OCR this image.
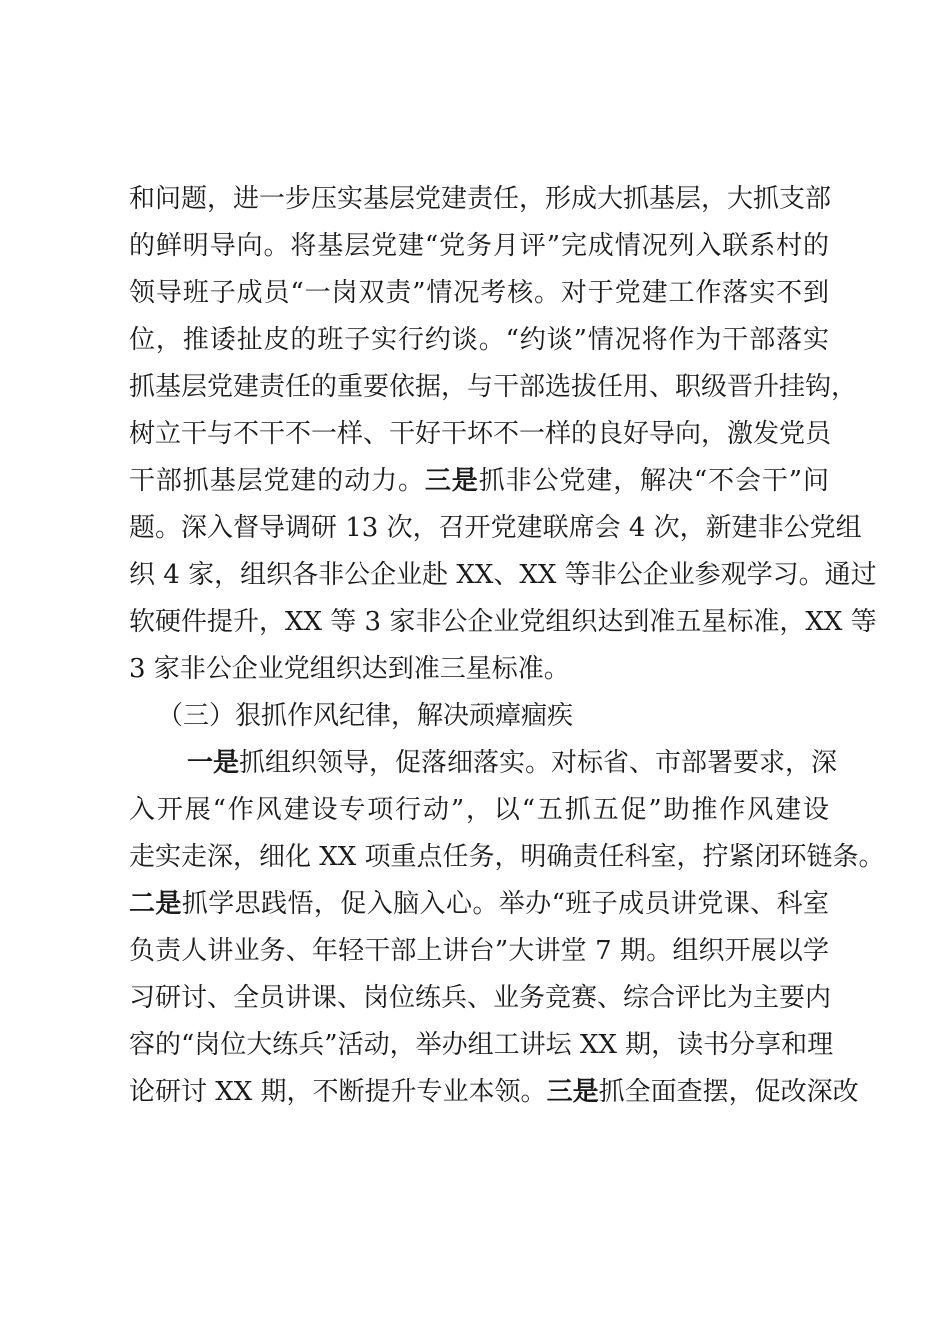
和问题，进一步压实基层党建责任，形成大抓基层，大抓支部
的鲜明导向。将基层党建“党务月评”完成情况列入联系村的
领导班子成员“一岗双责”情况考核。对于党建工作落实不到
位，推诿扯皮的班子实行约谈。“约谈”情况将作为干部落实
抓基层党建责任的重要依据，与干部选拔任用、职级晋升挂钩，
树立干与不干不一样、干好干坏不一样的良好导向，激发党员
干部抓基层党建的动力。三是抓非公党建，解决“不会干”问
题。深入督导调研 13 次，召开党建联席会 4 次，新建非公党组
织 4 家，组织各非公企业赴 XX、XX 等非公企业参观学习。通过
软硬件提升，XX 等 3 家非公企业党组织达到准五星标准，XX 等
3 家非公企业党组织达到准三星标准。
（三）狠抓作风纪律，解决顽瘴痼疾
一是抓组织领导，促落细落实。对标省、市部署要求，深
入开展“作风建设专项行动”，以“五抓五促”助推作风建设
走实走深，细化 XX 项重点任务，明确责任科室，拧紧闭环链条。
二是抓学思践悟，促入脑入心。举办“班子成员讲党课、科室
负责人讲业务、年轻干部上讲台”大讲堂 7 期。组织开展以学
习研讨、全员讲课、岗位练兵、业务竞赛、综合评比为主要内
容的“岗位大练兵”活动，举办组工讲坛 XX 期，读书分享和理
论研讨 XX 期，不断提升专业本领。三是抓全面查摆，促改深改
